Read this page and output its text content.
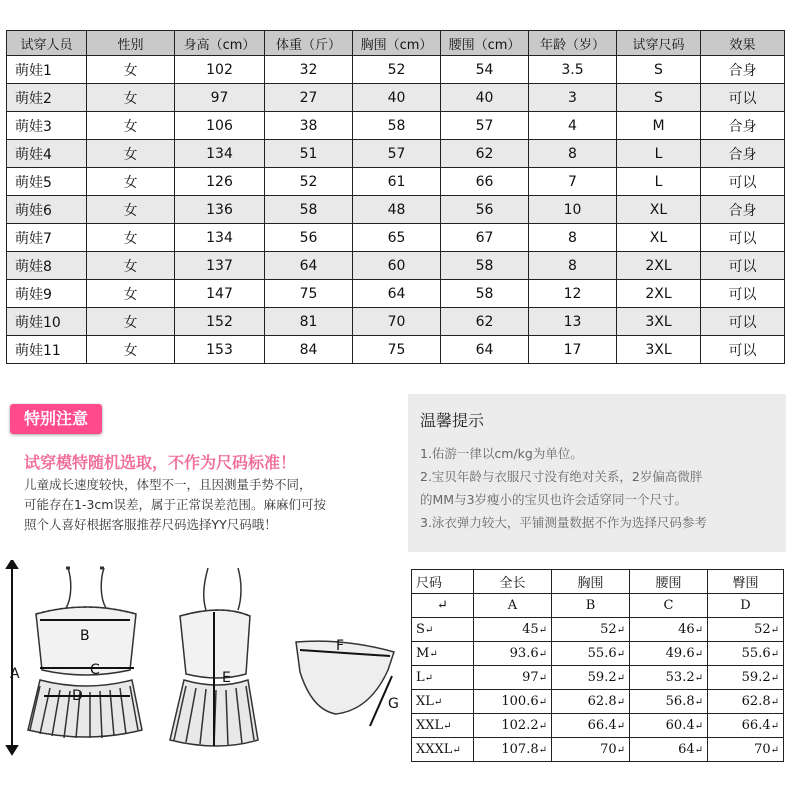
试穿人员	性别	身高（cm）	体重（斤）	胸围（cm）	腰围（cm）	年龄（岁）	试穿尺码	效果
萌娃1	女	102	32	52	54	3.5	S	合身
萌娃2	女	97	27	40	40	3	S	可以
萌娃3	女	106	38	58	57	4	M	合身
萌娃4	女	134	51	57	62	8	L	合身
萌娃5	女	126	52	61	66	7	L	可以
萌娃6	女	136	58	48	56	10	XL	合身
萌娃7	女	134	56	65	67	8	XL	可以
萌娃8	女	137	64	60	58	8	2XL	可以
萌娃9	女	147	75	64	58	12	2XL	可以
萌娃10	女	152	81	70	62	13	3XL	可以
萌娃11	女	153	84	75	64	17	3XL	可以
特别注意
试穿模特随机选取，不作为尺码标准！
儿童成长速度较快，体型不一，且因测量手势不同，
可能存在1-3cm误差，属于正常误差范围。麻麻们可按
照个人喜好根据客服推荐尺码选择YY尺码哦！
温馨提示
1.佑游一律以cm/kg为单位。
2.宝贝年龄与衣服尺寸没有绝对关系，2岁偏高微胖
的MM与3岁瘦小的宝贝也许会适穿同一个尺寸。
3.泳衣弹力较大，平铺测量数据不作为选择尺码参考
A
B
C
D
E
F
G
尺码	全长	胸围	腰围	臀围
↵	A	B	C	D
S↵	45↵	52↵	46↵	52↵
M↵	93.6↵	55.6↵	49.6↵	55.6↵
L↵	97↵	59.2↵	53.2↵	59.2↵
XL↵	100.6↵	62.8↵	56.8↵	62.8↵
XXL↵	102.2↵	66.4↵	60.4↵	66.4↵
XXXL↵	107.8↵	70↵	64↵	70↵
